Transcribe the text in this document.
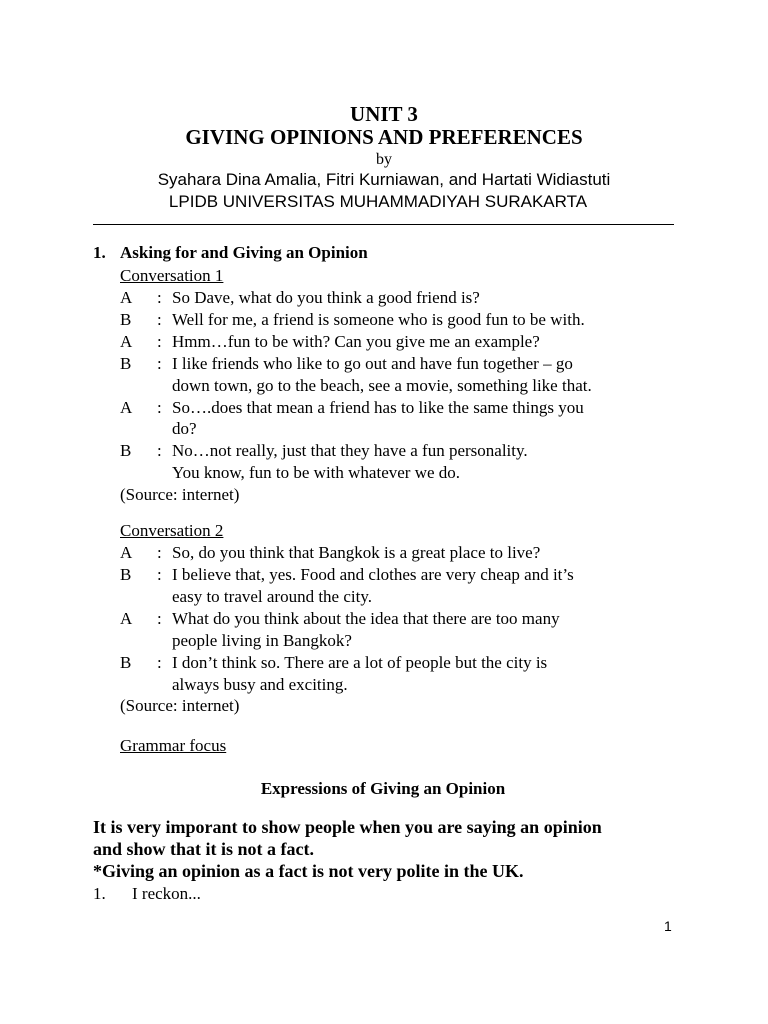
UNIT 3
GIVING OPINIONS AND PREFERENCES
by
Syahara Dina Amalia, Fitri Kurniawan, and Hartati Widiastuti
LPIDB UNIVERSITAS MUHAMMADIYAH SURAKARTA
1. Asking for and Giving an Opinion
Conversation 1
A : So Dave, what do you think a good friend is?
B : Well for me, a friend is someone who is good fun to be with.
A : Hmm…fun to be with? Can you give me an example?
B : I like friends who like to go out and have fun together – go
down town, go to the beach, see a movie, something like that.
A : So….does that mean a friend has to like the same things you
do?
B : No…not really, just that they have a fun personality.
You know, fun to be with whatever we do.
(Source: internet)
Conversation 2
A : So, do you think that Bangkok is a great place to live?
B : I believe that, yes. Food and clothes are very cheap and it’s
easy to travel around the city.
A : What do you think about the idea that there are too many
people living in Bangkok?
B : I don’t think so. There are a lot of people but the city is
always busy and exciting.
(Source: internet)
Grammar focus
Expressions of Giving an Opinion
It is very imporant to show people when you are saying an opinion
and show that it is not a fact.
*Giving an opinion as a fact is not very polite in the UK.
1. I reckon...
1
